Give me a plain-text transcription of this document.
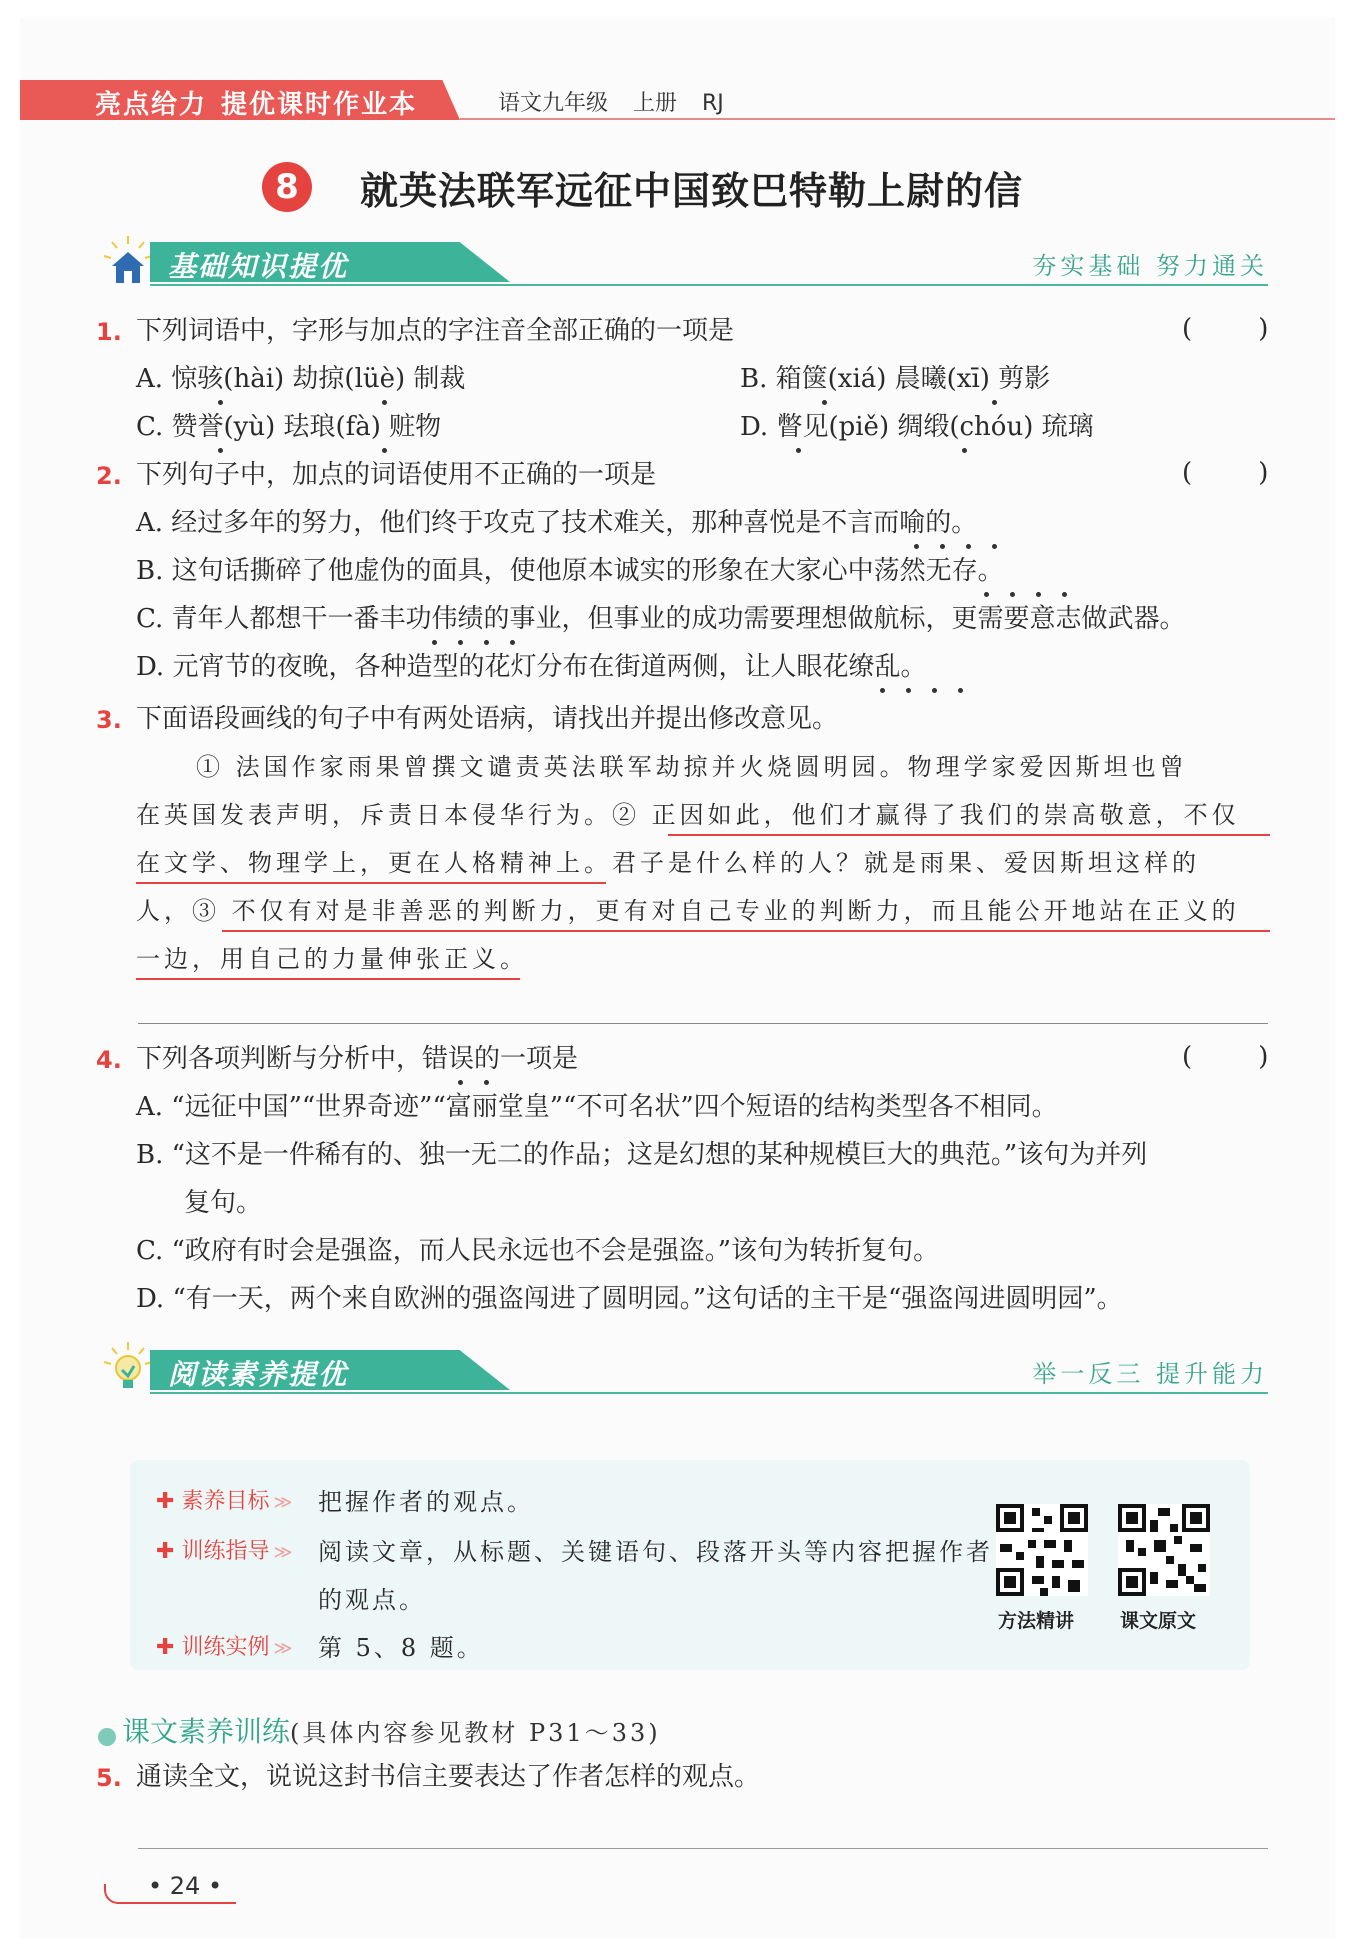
亮点给力 提优课时作业本	语文九年级 上册 RJ
8	就英法联军远征中国致巴特勒上尉的信
基础知识提优	夯实基础 努力通关
1. 下列词语中，字形与加点的字注音全部正确的一项是	(        )
A. 惊骇(hài) 劫掠(lüè) 制裁	B. 箱箧(xiá) 晨曦(xī) 剪影
C. 赞誉(yù) 珐琅(fà) 赃物	D. 瞥见(piě) 绸缎(chóu) 琉璃
2. 下列句子中，加点的词语使用不正确的一项是	(        )
A. 经过多年的努力，他们终于攻克了技术难关，那种喜悦是不言而喻的。
B. 这句话撕碎了他虚伪的面具，使他原本诚实的形象在大家心中荡然无存。
C. 青年人都想干一番丰功伟绩的事业，但事业的成功需要理想做航标，更需要意志做武器。
D. 元宵节的夜晚，各种造型的花灯分布在街道两侧，让人眼花缭乱。
3. 下面语段画线的句子中有两处语病，请找出并提出修改意见。
① 法国作家雨果曾撰文谴责英法联军劫掠并火烧圆明园。物理学家爱因斯坦也曾
在英国发表声明，斥责日本侵华行为。② 正因如此，他们才赢得了我们的崇高敬意，不仅
在文学、物理学上，更在人格精神上。君子是什么样的人？就是雨果、爱因斯坦这样的
人，③ 不仅有对是非善恶的判断力，更有对自己专业的判断力，而且能公开地站在正义的
一边，用自己的力量伸张正义。
4. 下列各项判断与分析中，错误的一项是	(        )
A. “远征中国”“世界奇迹”“富丽堂皇”“不可名状”四个短语的结构类型各不相同。
B. “这不是一件稀有的、独一无二的作品；这是幻想的某种规模巨大的典范。”该句为并列
复句。
C. “政府有时会是强盗，而人民永远也不会是强盗。”该句为转折复句。
D. “有一天，两个来自欧洲的强盗闯进了圆明园。”这句话的主干是“强盗闯进圆明园”。
阅读素养提优	举一反三 提升能力
✚ 素养目标 ≫ 把握作者的观点。
✚ 训练指导 ≫ 阅读文章，从标题、关键语句、段落开头等内容把握作者
的观点。
✚ 训练实例 ≫ 第 5、8 题。
方法精讲 课文原文
课文素养训练(具体内容参见教材 P31～33)
5. 通读全文，说说这封书信主要表达了作者怎样的观点。
• 24 •
